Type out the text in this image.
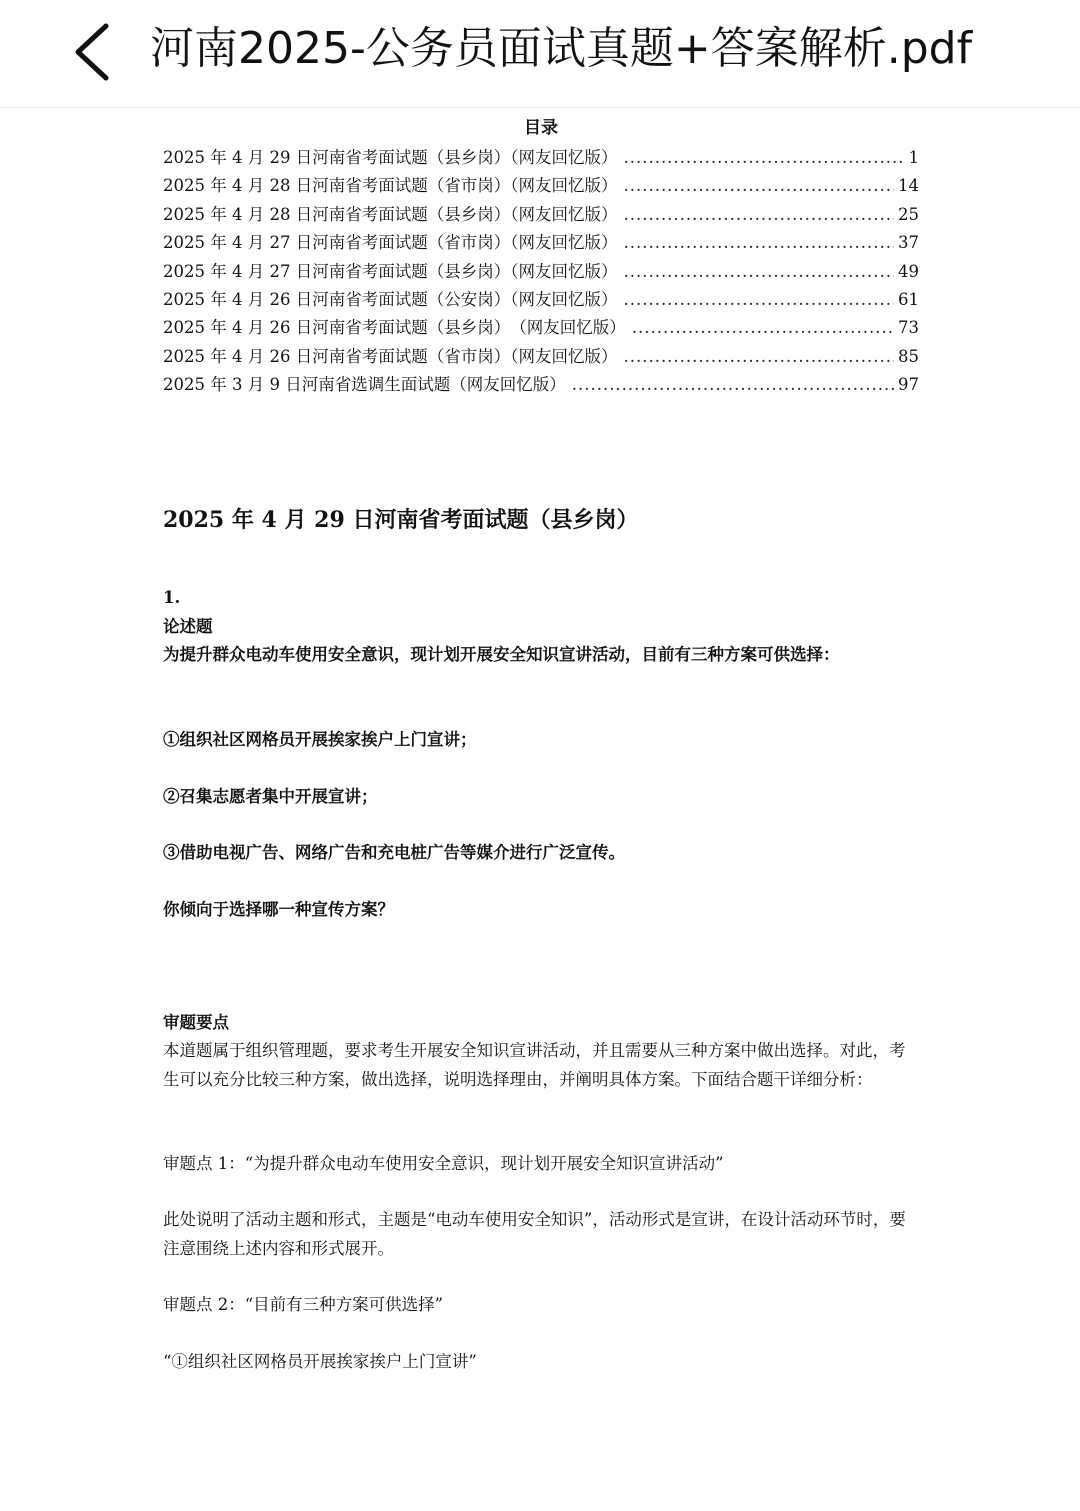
河南2025-公务员面试真题+答案解析.pdf
目录
2025 年 4 月 29 日河南省考面试题（县乡岗）（网友回忆版） .....	1
2025 年 4 月 28 日河南省考面试题（省市岗）（网友回忆版） .....	14
2025 年 4 月 28 日河南省考面试题（县乡岗）（网友回忆版） .....	25
2025 年 4 月 27 日河南省考面试题（省市岗）（网友回忆版） .....	37
2025 年 4 月 27 日河南省考面试题（县乡岗）（网友回忆版） .....	49
2025 年 4 月 26 日河南省考面试题（公安岗）（网友回忆版） .....	61
2025 年 4 月 26 日河南省考面试题（县乡岗）　（网友回忆版） .....	73
2025 年 4 月 26 日河南省考面试题（省市岗）（网友回忆版） .....	85
2025 年 3 月 9 日河南省选调生面试题（网友回忆版） .....	97
2025 年 4 月 29 日河南省考面试题（县乡岗）

1.

论述题

为提升群众电动车使用安全意识，现计划开展安全知识宣讲活动，目前有三种方案可供选择：

①组织社区网格员开展挨家挨户上门宣讲；
②召集志愿者集中开展宣讲；
③借助电视广告、网络广告和充电桩广告等媒介进行广泛宣传。
你倾向于选择哪一种宣传方案？
审题要点
本道题属于组织管理题，要求考生开展安全知识宣讲活动，并且需要从三种方案中做出选择。对此，考生可以充分比较三种方案，做出选择，说明选择理由，并阐明具体方案。下面结合题干详细分析：
审题点 1：“为提升群众电动车使用安全意识，现计划开展安全知识宣讲活动”
此处说明了活动主题和形式，主题是“电动车使用安全知识”，活动形式是宣讲，在设计活动环节时，要注意围绕上述内容和形式展开。
审题点 2：“目前有三种方案可供选择”
“①组织社区网格员开展挨家挨户上门宣讲”
